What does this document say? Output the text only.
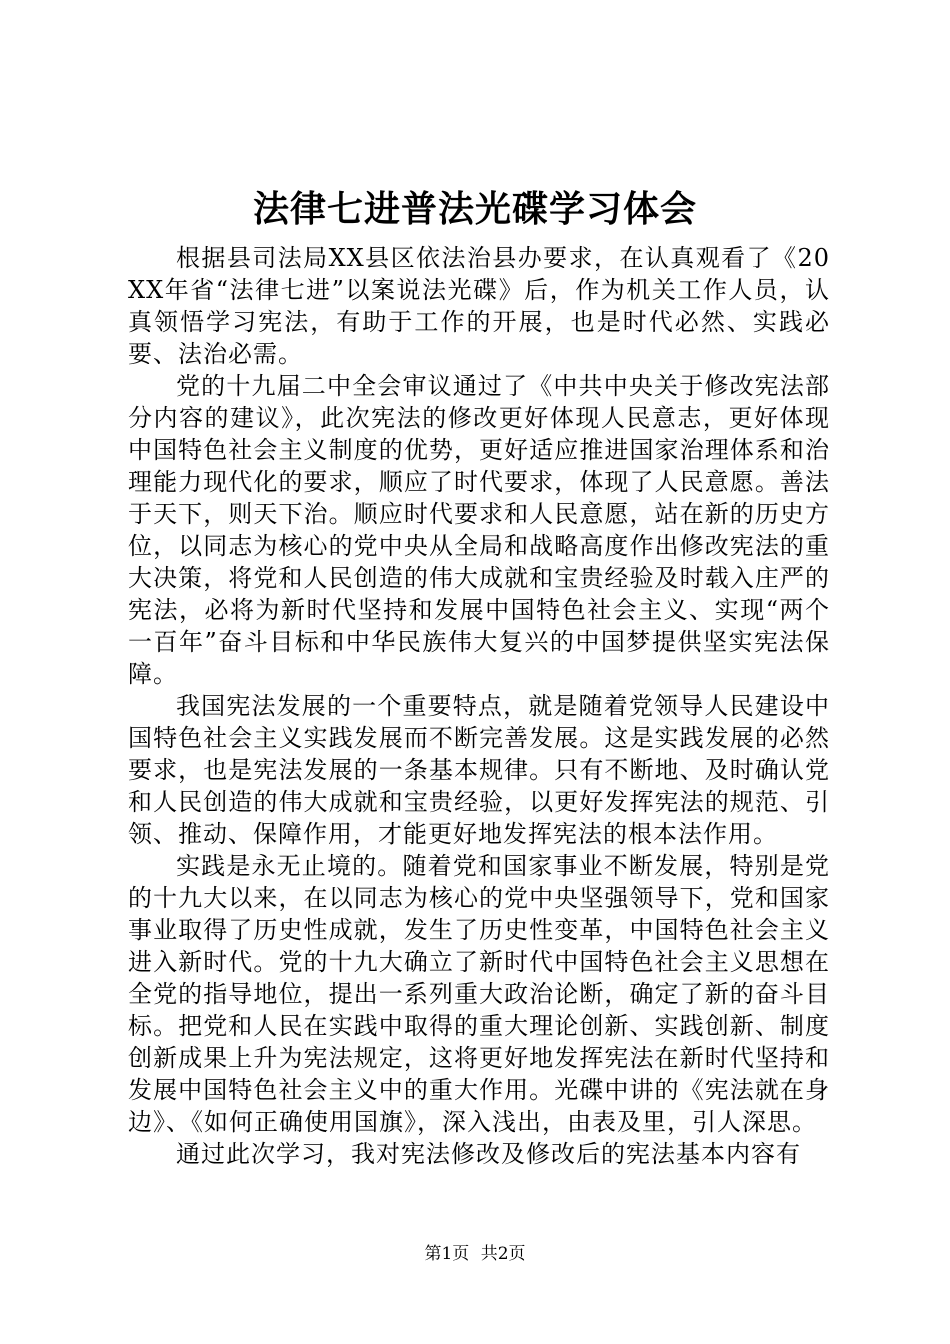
法律七进普法光碟学习体会

根据县司法局XX县区依法治县办要求，在认真观看了《20XX年省“法律七进”以案说法光碟》后，作为机关工作人员，认真领悟学习宪法，有助于工作的开展，也是时代必然、实践必要、法治必需。

党的十九届二中全会审议通过了《中共中央关于修改宪法部分内容的建议》，此次宪法的修改更好体现人民意志，更好体现中国特色社会主义制度的优势，更好适应推进国家治理体系和治理能力现代化的要求，顺应了时代要求，体现了人民意愿。善法于天下，则天下治。顺应时代要求和人民意愿，站在新的历史方位，以同志为核心的党中央从全局和战略高度作出修改宪法的重大决策，将党和人民创造的伟大成就和宝贵经验及时载入庄严的宪法，必将为新时代坚持和发展中国特色社会主义、实现“两个一百年”奋斗目标和中华民族伟大复兴的中国梦提供坚实宪法保障。

我国宪法发展的一个重要特点，就是随着党领导人民建设中国特色社会主义实践发展而不断完善发展。这是实践发展的必然要求，也是宪法发展的一条基本规律。只有不断地、及时确认党和人民创造的伟大成就和宝贵经验，以更好发挥宪法的规范、引领、推动、保障作用，才能更好地发挥宪法的根本法作用。

实践是永无止境的。随着党和国家事业不断发展，特别是党的十九大以来，在以同志为核心的党中央坚强领导下，党和国家事业取得了历史性成就，发生了历史性变革，中国特色社会主义进入新时代。党的十九大确立了新时代中国特色社会主义思想在全党的指导地位，提出一系列重大政治论断，确定了新的奋斗目标。把党和人民在实践中取得的重大理论创新、实践创新、制度创新成果上升为宪法规定，这将更好地发挥宪法在新时代坚持和发展中国特色社会主义中的重大作用。光碟中讲的《宪法就在身边》、《如何正确使用国旗》，深入浅出，由表及里，引人深思。

通过此次学习，我对宪法修改及修改后的宪法基本内容有

第1页 共2页
